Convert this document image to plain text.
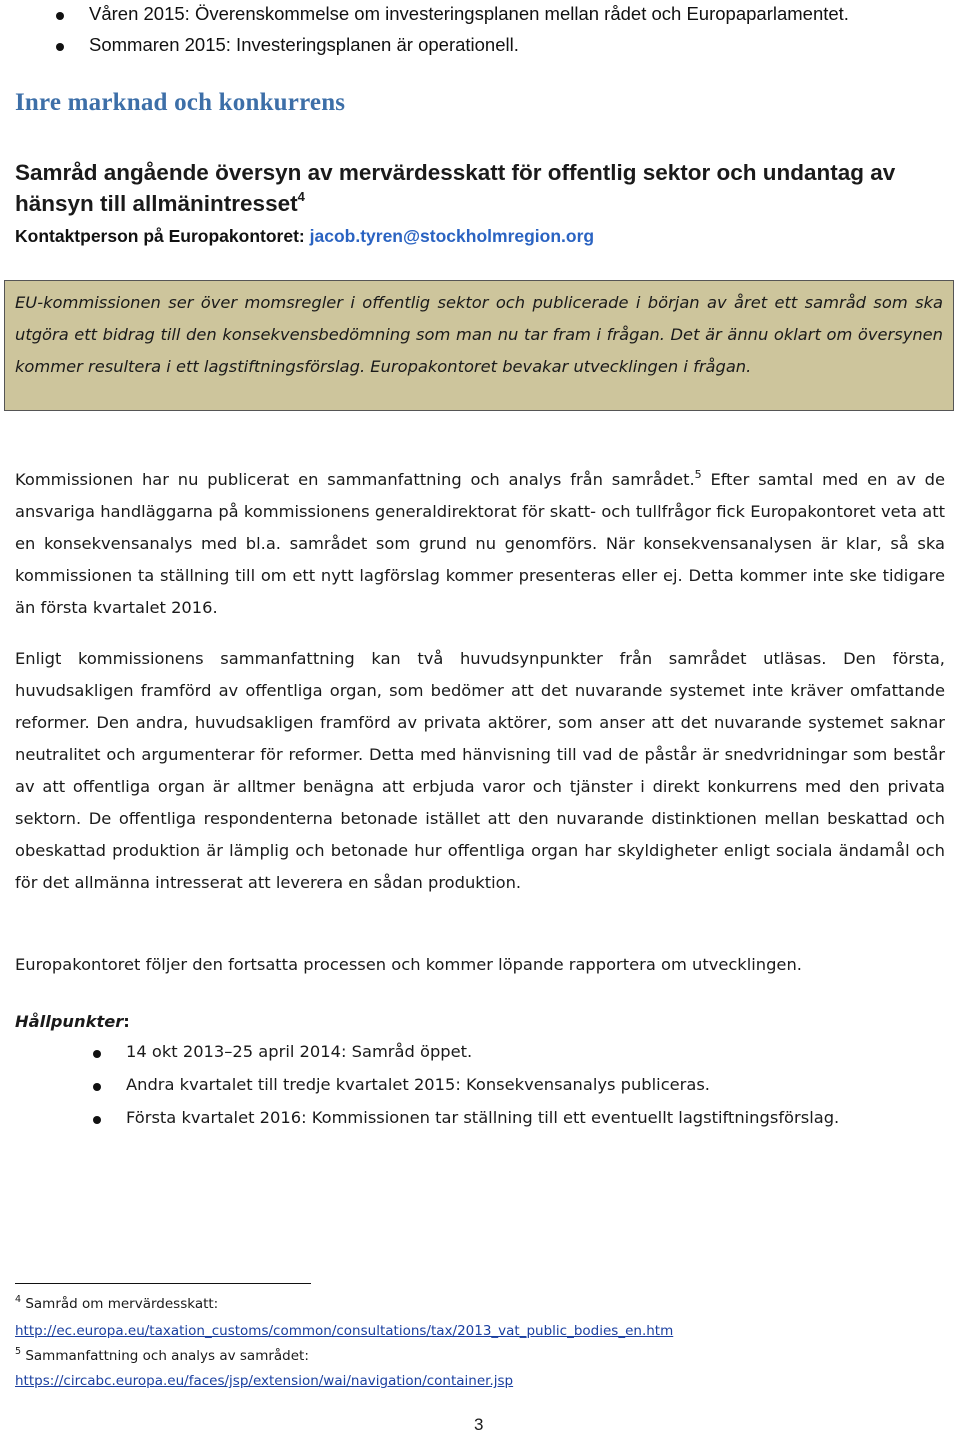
Våren 2015: Överenskommelse om investeringsplanen mellan rådet och Europaparlamentet.
Sommaren 2015: Investeringsplanen är operationell.
Inre marknad och konkurrens
Samråd angående översyn av mervärdesskatt för offentlig sektor och undantag av hänsyn till allmänintresset$^4$
Kontaktperson på Europakontoret: jacob.tyren@stockholmregion.org
EU-kommissionen ser över momsregler i offentlig sektor och publicerade i början av året ett samråd som ska utgöra ett bidrag till den konsekvensbedömning som man nu tar fram i frågan. Det är ännu oklart om översynen kommer resultera i ett lagstiftningsförslag. Europakontoret bevakar utvecklingen i frågan.

Kommissionen har nu publicerat en sammanfattning och analys från samrådet.$^5$ Efter samtal med en av de ansvariga handläggarna på kommissionens generaldirektorat för skatt- och tullfrågor fick Europakontoret veta att en konsekvensanalys med bl.a. samrådet som grund nu genomförs. När konsekvensanalysen är klar, så ska kommissionen ta ställning till om ett nytt lagförslag kommer presenteras eller ej. Detta kommer inte ske tidigare än första kvartalet 2016.

Enligt kommissionens sammanfattning kan två huvudsynpunkter från samrådet utläsas. Den första, huvudsakligen framförd av offentliga organ, som bedömer att det nuvarande systemet inte kräver omfattande reformer. Den andra, huvudsakligen framförd av privata aktörer, som anser att det nuvarande systemet saknar neutralitet och argumenterar för reformer. Detta med hänvisning till vad de påstår är snedvridningar som består av att offentliga organ är alltmer benägna att erbjuda varor och tjänster i direkt konkurrens med den privata sektorn. De offentliga respondenterna betonade istället att den nuvarande distinktionen mellan beskattad och obeskattad produktion är lämplig och betonade hur offentliga organ har skyldigheter enligt sociala ändamål och för det allmänna intresserat att leverera en sådan produktion.

Europakontoret följer den fortsatta processen och kommer löpande rapportera om utvecklingen.

Hållpunkter:
14 okt 2013–25 april 2014: Samråd öppet.
Andra kvartalet till tredje kvartalet 2015: Konsekvensanalys publiceras.
Första kvartalet 2016: Kommissionen tar ställning till ett eventuellt lagstiftningsförslag.
$^4$ Samråd om mervärdesskatt:
http://ec.europa.eu/taxation_customs/common/consultations/tax/2013_vat_public_bodies_en.htm
$^5$ Sammanfattning och analys av samrådet:
https://circabc.europa.eu/faces/jsp/extension/wai/navigation/container.jsp
3
